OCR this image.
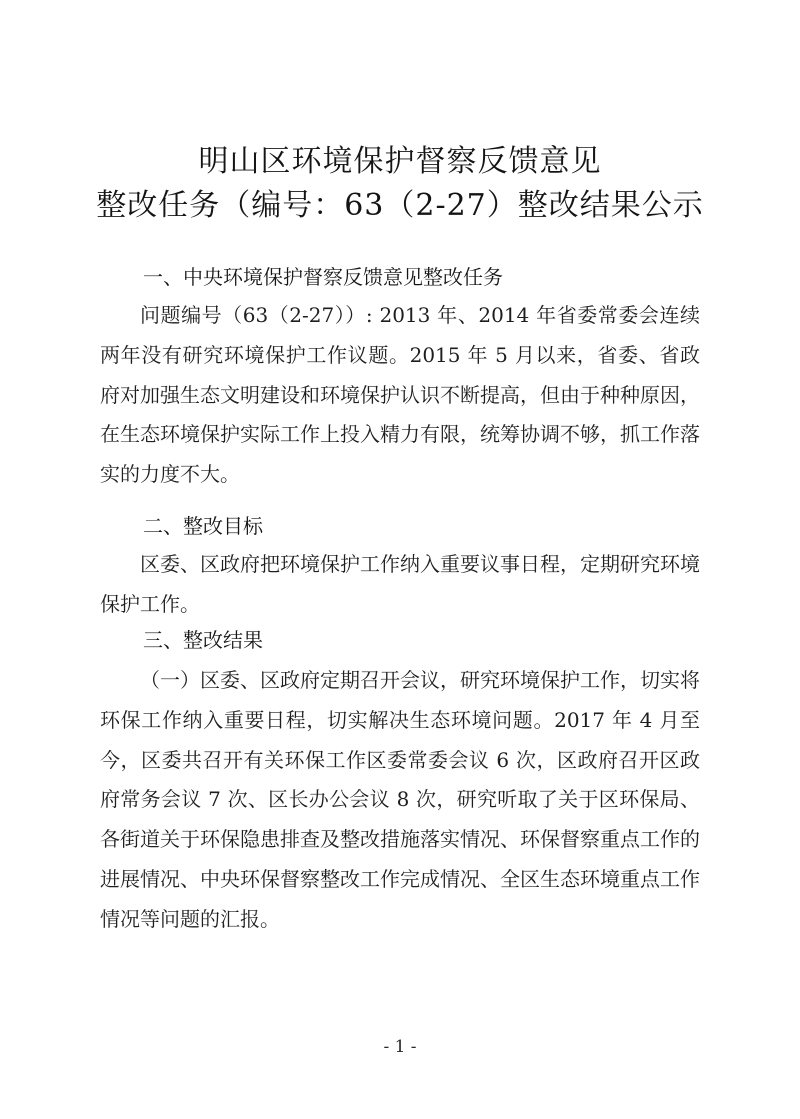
明山区环境保护督察反馈意见
整改任务（编号：63（2-27）整改结果公示
一、中央环境保护督察反馈意见整改任务

问题编号（63（2-27））: 2013 年、2014 年省委常委会连续两年没有研究环境保护工作议题。2015 年 5 月以来，省委、省政府对加强生态文明建设和环境保护认识不断提高，但由于种种原因，在生态环境保护实际工作上投入精力有限，统筹协调不够，抓工作落实的力度不大。

二、整改目标

区委、区政府把环境保护工作纳入重要议事日程，定期研究环境保护工作。

三、整改结果

（一）区委、区政府定期召开会议，研究环境保护工作，切实将环保工作纳入重要日程，切实解决生态环境问题。2017 年 4 月至今，区委共召开有关环保工作区委常委会议 6 次，区政府召开区政府常务会议 7 次、区长办公会议 8 次，研究听取了关于区环保局、各街道关于环保隐患排查及整改措施落实情况、环保督察重点工作的进展情况、中央环保督察整改工作完成情况、全区生态环境重点工作情况等问题的汇报。

- 1 -
